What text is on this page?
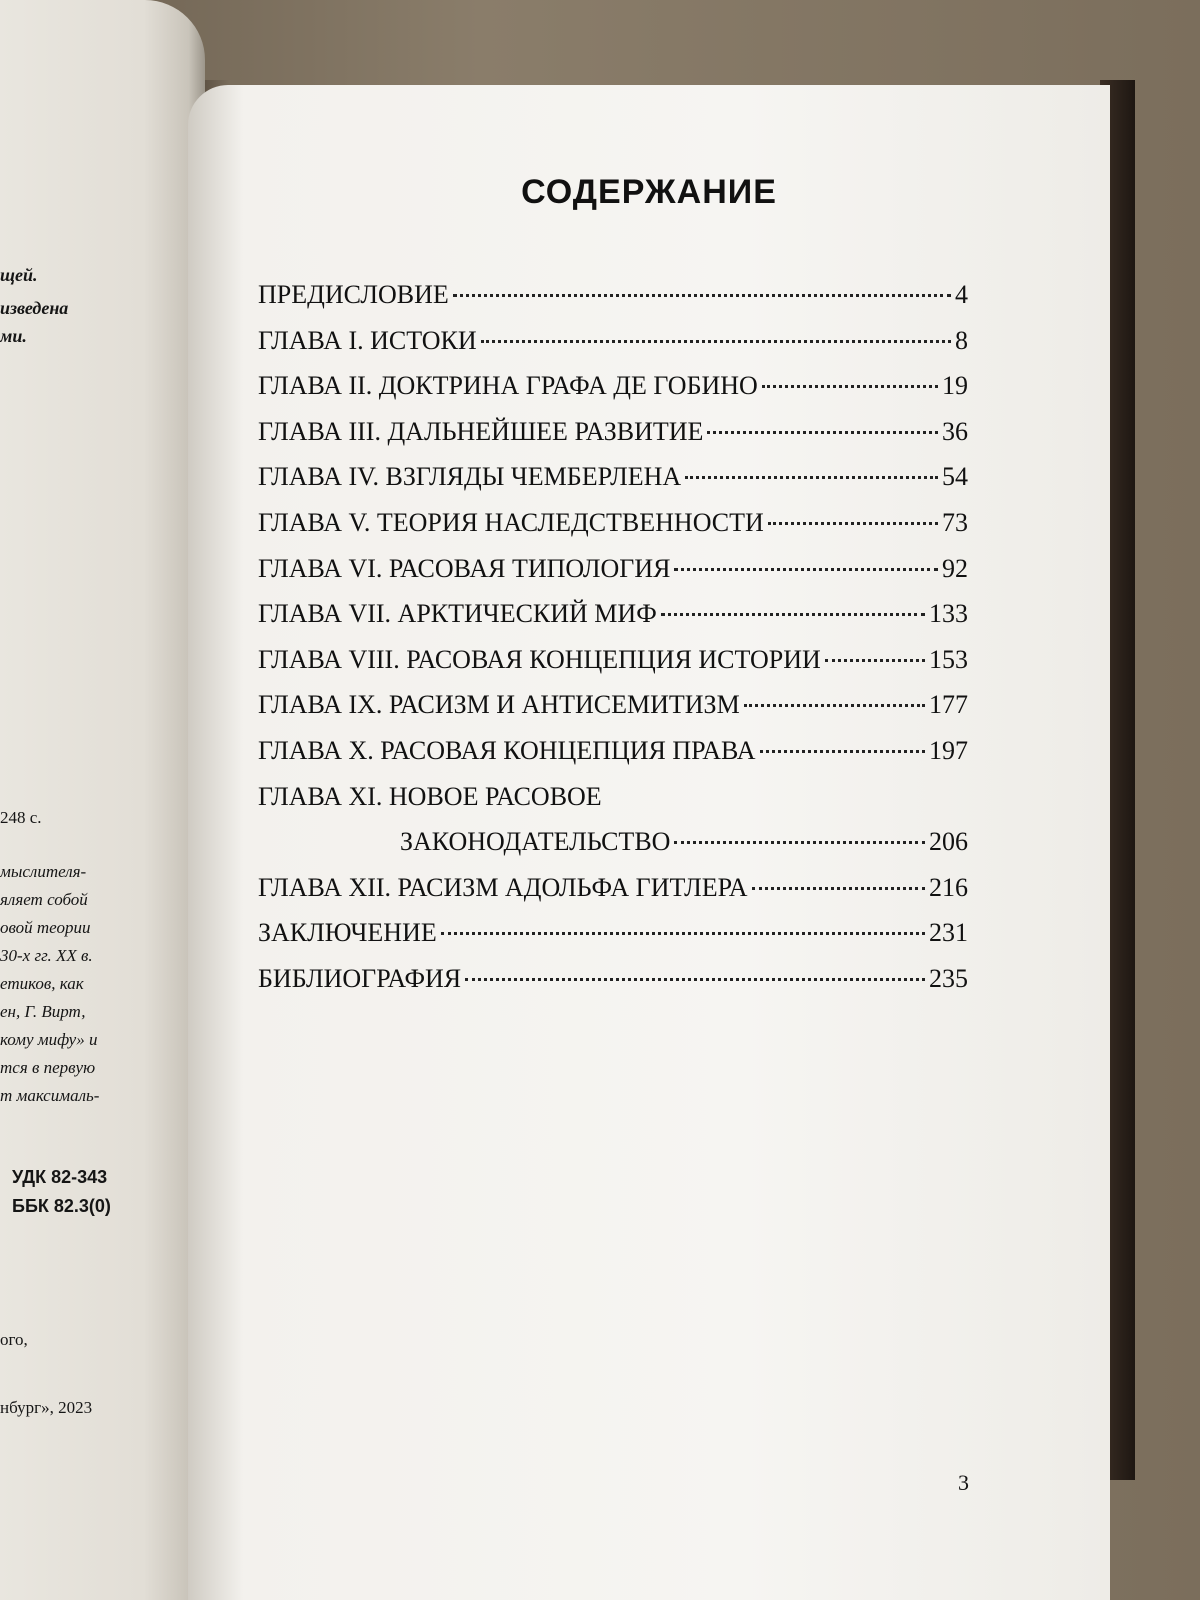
щей.
изведена
ми.
248 с.
мыслителя-
яляет собой
овой теории
30-х гг. XX в.
етиков, как
ен, Г. Вирт,
кому мифу» и
тся в первую
т максималь-
УДК 82-343
ББК 82.3(0)
ого,
нбург», 2023
СОДЕРЖАНИЕ
ПРЕДИСЛОВИЕ	4
ГЛАВА I. ИСТОКИ	8
ГЛАВА II. ДОКТРИНА ГРАФА ДЕ ГОБИНО	19
ГЛАВА III. ДАЛЬНЕЙШЕЕ РАЗВИТИЕ	36
ГЛАВА IV. ВЗГЛЯДЫ ЧЕМБЕРЛЕНА	54
ГЛАВА V. ТЕОРИЯ НАСЛЕДСТВЕННОСТИ	73
ГЛАВА VI. РАСОВАЯ ТИПОЛОГИЯ	92
ГЛАВА VII. АРКТИЧЕСКИЙ МИФ	133
ГЛАВА VIII. РАСОВАЯ КОНЦЕПЦИЯ ИСТОРИИ	153
ГЛАВА IX. РАСИЗМ И АНТИСЕМИТИЗМ	177
ГЛАВА X. РАСОВАЯ КОНЦЕПЦИЯ ПРАВА	197
ГЛАВА XI. НОВОЕ РАСОВОЕ
ЗАКОНОДАТЕЛЬСТВО	206
ГЛАВА XII. РАСИЗМ АДОЛЬФА ГИТЛЕРА	216
ЗАКЛЮЧЕНИЕ	231
БИБЛИОГРАФИЯ	235
3
